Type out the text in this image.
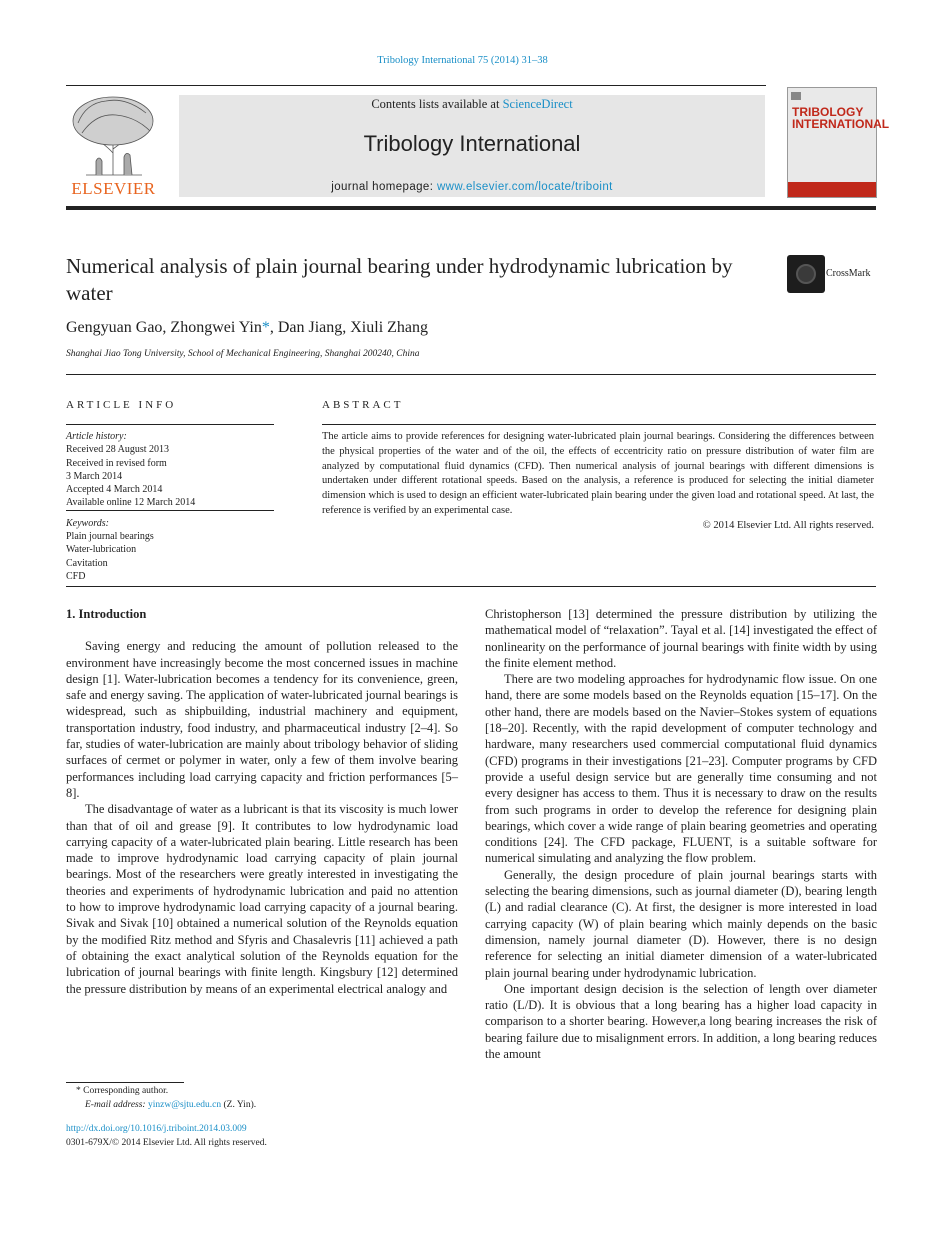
Tribology International 75 (2014) 31–38
ELSEVIER
Contents lists available at ScienceDirect
Tribology International
journal homepage: www.elsevier.com/locate/triboint
TRIBOLOGY INTERNATIONAL
Numerical analysis of plain journal bearing under hydrodynamic lubrication by water
CrossMark
Gengyuan Gao, Zhongwei Yin*, Dan Jiang, Xiuli Zhang
Shanghai Jiao Tong University, School of Mechanical Engineering, Shanghai 200240, China
ARTICLE INFO	ABSTRACT
Article history:
Received 28 August 2013
Received in revised form
3 March 2014
Accepted 4 March 2014
Available online 12 March 2014
Keywords:
Plain journal bearings
Water-lubrication
Cavitation
CFD
The article aims to provide references for designing water-lubricated plain journal bearings. Considering the differences between the physical properties of the water and of the oil, the effects of eccentricity ratio on pressure distribution of water film are analyzed by computational fluid dynamics (CFD). Then numerical analysis of journal bearings with different dimensions is undertaken under different rotational speeds. Based on the analysis, a reference is produced for selecting the initial diameter dimension which is used to design an efficient water-lubricated plain bearing under the given load and rotational speed. At last, the reference is verified by an experimental case.
© 2014 Elsevier Ltd. All rights reserved.

1. Introduction

Saving energy and reducing the amount of pollution released to the environment have increasingly become the most concerned issues in machine design [1]. Water-lubrication becomes a tendency for its convenience, green, safe and energy saving. The application of water-lubricated journal bearings is widespread, such as shipbuilding, industrial machinery and equipment, transportation industry, food industry, and pharmaceutical industry [2–4]. So far, studies of water-lubrication are mainly about tribology behavior of sliding surfaces of cermet or polymer in water, only a few of them involve bearing performances including load carrying capacity and friction performances [5–8].

The disadvantage of water as a lubricant is that its viscosity is much lower than that of oil and grease [9]. It contributes to low hydrodynamic load carrying capacity of a water-lubricated plain bearing. Little research has been made to improve hydrodynamic load carrying capacity of plain journal bearings. Most of the researchers were greatly interested in investigating the theories and experiments of hydrodynamic lubrication and paid no attention to how to improve hydrodynamic load carrying capacity of a journal bearing. Sivak and Sivak [10] obtained a numerical solution of the Reynolds equation by the modified Ritz method and Sfyris and Chasalevris [11] achieved a path of obtaining the exact analytical solution of the Reynolds equation for the lubrication of journal bearings with finite length. Kingsbury [12] determined the pressure distribution by means of an experimental electrical analogy and

Christopherson [13] determined the pressure distribution by utilizing the mathematical model of “relaxation”. Tayal et al. [14] investigated the effect of nonlinearity on the performance of journal bearings with finite width by using the finite element method.

There are two modeling approaches for hydrodynamic flow issue. On one hand, there are some models based on the Reynolds equation [15–17]. On the other hand, there are models based on the Navier–Stokes system of equations [18–20]. Recently, with the rapid development of computer technology and hardware, many researchers used commercial computational fluid dynamics (CFD) programs in their investigations [21–23]. Computer programs by CFD provide a useful design service but are generally time consuming and not every designer has access to them. Thus it is necessary to draw on the results from such programs in order to develop the reference for designing plain bearings, which cover a wide range of plain bearing geometries and operating conditions [24]. The CFD package, FLUENT, is a suitable software for numerical simulating and analyzing the flow problem.

Generally, the design procedure of plain journal bearings starts with selecting the bearing dimensions, such as journal diameter (D), bearing length (L) and radial clearance (C). At first, the designer is more interested in load carrying capacity (W) of plain bearing which mainly depends on the basic dimension, namely journal diameter (D). However, there is no design reference for selecting an initial diameter dimension of a water-lubricated plain journal bearing under hydrodynamic lubrication.

One important design decision is the selection of length over diameter ratio (L/D). It is obvious that a long bearing has a higher load capacity in comparison to a shorter bearing. However,a long bearing increases the risk of bearing failure due to misalignment errors. In addition, a long bearing reduces the amount

* Corresponding author.
E-mail address: yinzw@sjtu.edu.cn (Z. Yin).
http://dx.doi.org/10.1016/j.triboint.2014.03.009
0301-679X/© 2014 Elsevier Ltd. All rights reserved.
